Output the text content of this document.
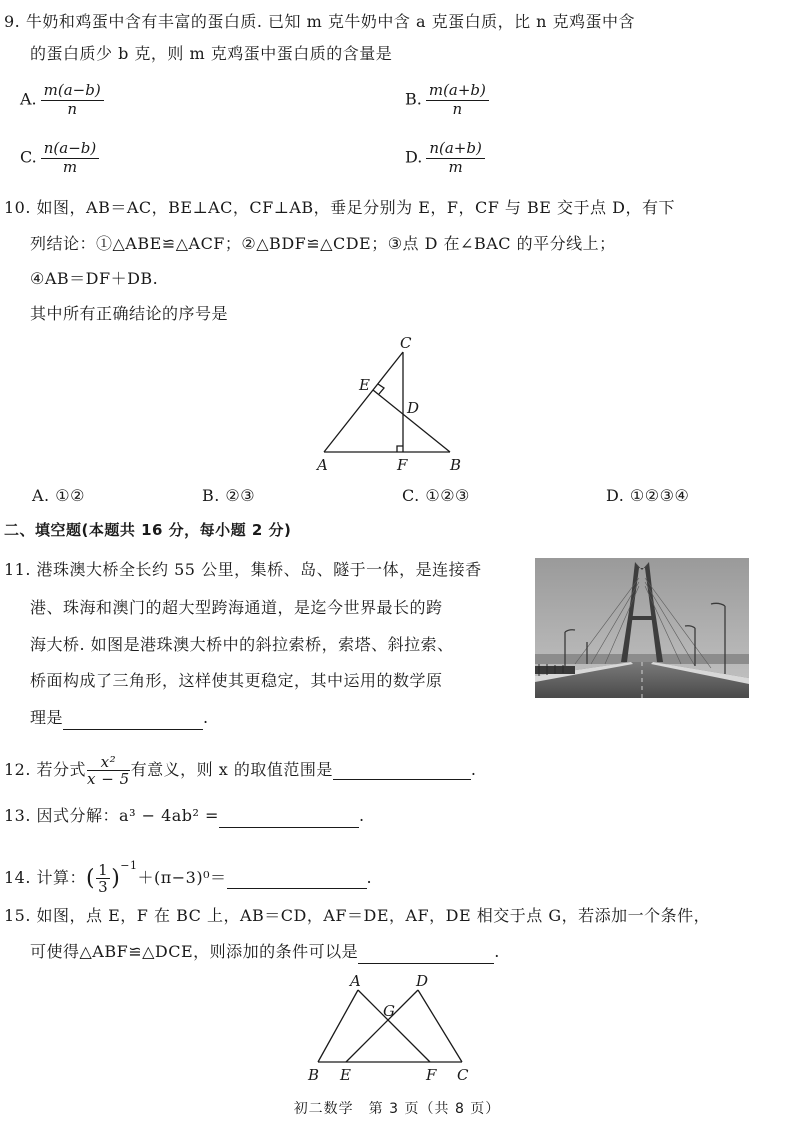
9. 牛奶和鸡蛋中含有丰富的蛋白质. 已知 m 克牛奶中含 a 克蛋白质，比 n 克鸡蛋中含
的蛋白质少 b 克，则 m 克鸡蛋中蛋白质的含量是
A. $\frac{m(a-b)}{n}$	B. $\frac{m(a+b)}{n}$
C. $\frac{n(a-b)}{m}$	D. $\frac{n(a+b)}{m}$
10. 如图，AB＝AC，BE⊥AC，CF⊥AB，垂足分别为 E，F，CF 与 BE 交于点 D，有下
列结论：①△ABE≌△ACF；②△BDF≌△CDE；③点 D 在∠BAC 的平分线上；
④AB＝DF＋DB.
其中所有正确结论的序号是
C
E
D
A	F	B
A. ①②	B. ②③	C. ①②③	D. ①②③④
二、填空题(本题共 16 分，每小题 2 分)
11. 港珠澳大桥全长约 55 公里，集桥、岛、隧于一体，是连接香
港、珠海和澳门的超大型跨海通道，是迄今世界最长的跨
海大桥. 如图是港珠澳大桥中的斜拉索桥，索塔、斜拉索、
桥面构成了三角形，这样使其更稳定，其中运用的数学原
理是	.
12. 若分式 $\frac{\text{x²}}{x - 5}$ 有意义，则 x 的取值范围是	.
13. 因式分解：a³ − 4ab² =	.
14. 计算：( $\frac{1}{3} )^{-1}+(\pi-3)^0=$	.
15. 如图，点 E，F 在 BC 上，AB＝CD，AF＝DE，AF，DE 相交于点 G，若添加一个条件，
可使得△ABF≌△DCE，则添加的条件可以是	.
A	D
G
B E	F C
初二数学　第 3 页（共 8 页）
